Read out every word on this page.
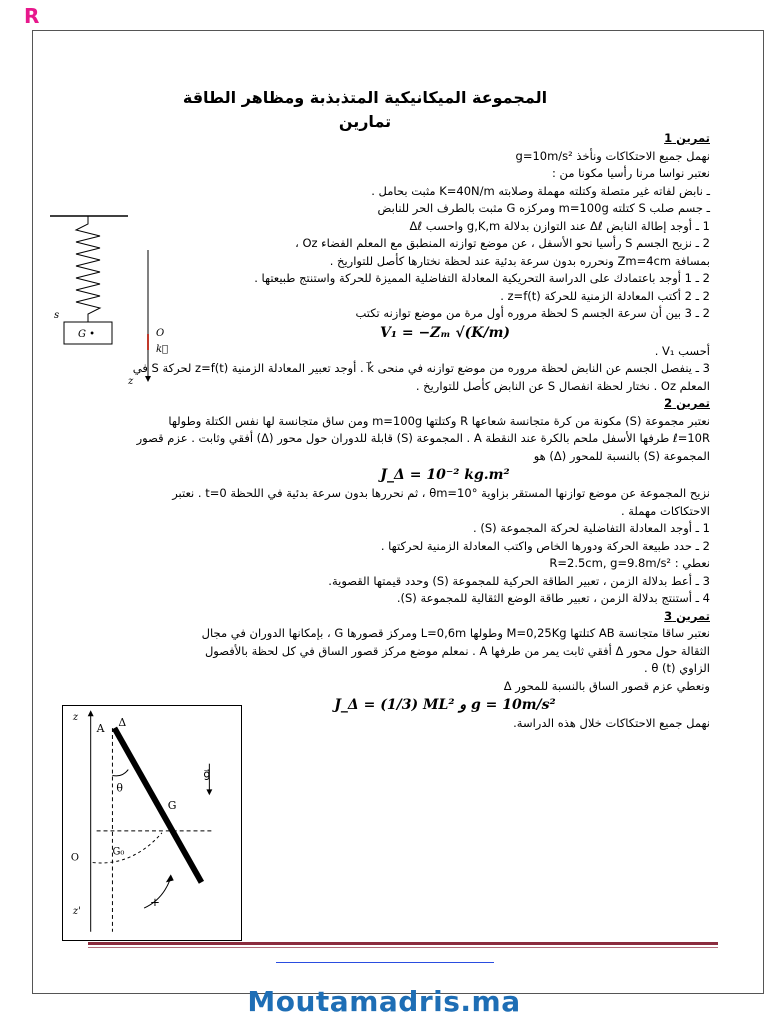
R
المجموعة الميكانيكية المتذبذبة ومظاهر الطاقة
تمارين

تمرين 1

نهمل جميع الاحتكاكات ونأخذ g=10m/s²

نعتبر نواسا مرنا رأسيا مكونا من :

ـ نابض لفاته غير متصلة وكتلته مهملة وصلابته K=40N/m مثبت بحامل .

ـ جسم صلب S كتلته m=100g ومركزه G مثبت بالطرف الحر للنابض

1 ـ أوجد إطالة النابض Δℓ عند التوازن بدلالة g,K,m واحسب Δℓ

2 ـ نزيح الجسم S رأسيا نحو الأسفل ، عن موضع توازنه المنطبق مع المعلم الفضاء Oz ،

بمسافة Zm=4cm ونحرره بدون سرعة بدئية عند لحظة نختارها كأصل للتواريخ .

2 ـ 1 أوجد باعتمادك على الدراسة التحريكية المعادلة التفاضلية المميزة للحركة واستنتج طبيعتها .

2 ـ 2 أكتب المعادلة الزمنية للحركة z=f(t) .

2 ـ 3 بين أن سرعة الجسم S لحظة مروره أول مرة من موضع توازنه تكتب

V₁ = −Zₘ √(K/m)

أحسب V₁ .

3 ـ ينفصل الجسم عن النابض لحظة مروره من موضع توازنه في منحى k⃗ . أوجد تعبير المعادلة الزمنية z=f(t) لحركة S في المعلم Oz . نختار لحظة انفصال S عن النابض كأصل للتواريخ .

تمرين 2

نعتبر مجموعة (S) مكونة من كرة متجانسة شعاعها R وكتلتها m=100g ومن ساق متجانسة لها نفس الكتلة وطولها ℓ=10R طرفها الأسفل ملحم بالكرة عند النقطة A . المجموعة (S) قابلة للدوران حول محور (Δ) أفقي وثابت . عزم قصور المجموعة (S) بالنسبة للمحور (Δ) هو

J_Δ = 10⁻² kg.m²

نزيح المجموعة عن موضع توازنها المستقر بزاوية θm=10° ، ثم نحررها بدون سرعة بدئية في اللحظة t=0 . نعتبر الاحتكاكات مهملة .

1 ـ أوجد المعادلة التفاضلية لحركة المجموعة (S) .

2 ـ حدد طبيعة الحركة ودورها الخاص واكتب المعادلة الزمنية لحركتها .

نعطي : R=2.5cm, g=9.8m/s²

3 ـ أعط بدلالة الزمن ، تعبير الطاقة الحركية للمجموعة (S) وحدد قيمتها القصوية.

4 ـ أستنتج بدلالة الزمن ، تعبير طاقة الوضع الثقالية للمجموعة (S).

تمرين 3

نعتبر ساقا متجانسة AB كتلتها M=0,25Kg وطولها L=0,6m ومركز قصورها G ، بإمكانها الدوران في مجال الثقالة حول محور Δ أفقي ثابت يمر من طرفها A . نمعلم موضع مركز قصور الساق في كل لحظة بالأفصول الزاوي θ (t) .

ونعطي عزم قصور الساق بالنسبة للمحور Δ

J_Δ = (1/3) ML² و g = 10m/s²

نهمل جميع الاحتكاكات خلال هذه الدراسة.

G •
s
O
k⃗
z
z
A Δ
θ
g⃗
G
O
G₀
+
z'
Moutamadris.ma
